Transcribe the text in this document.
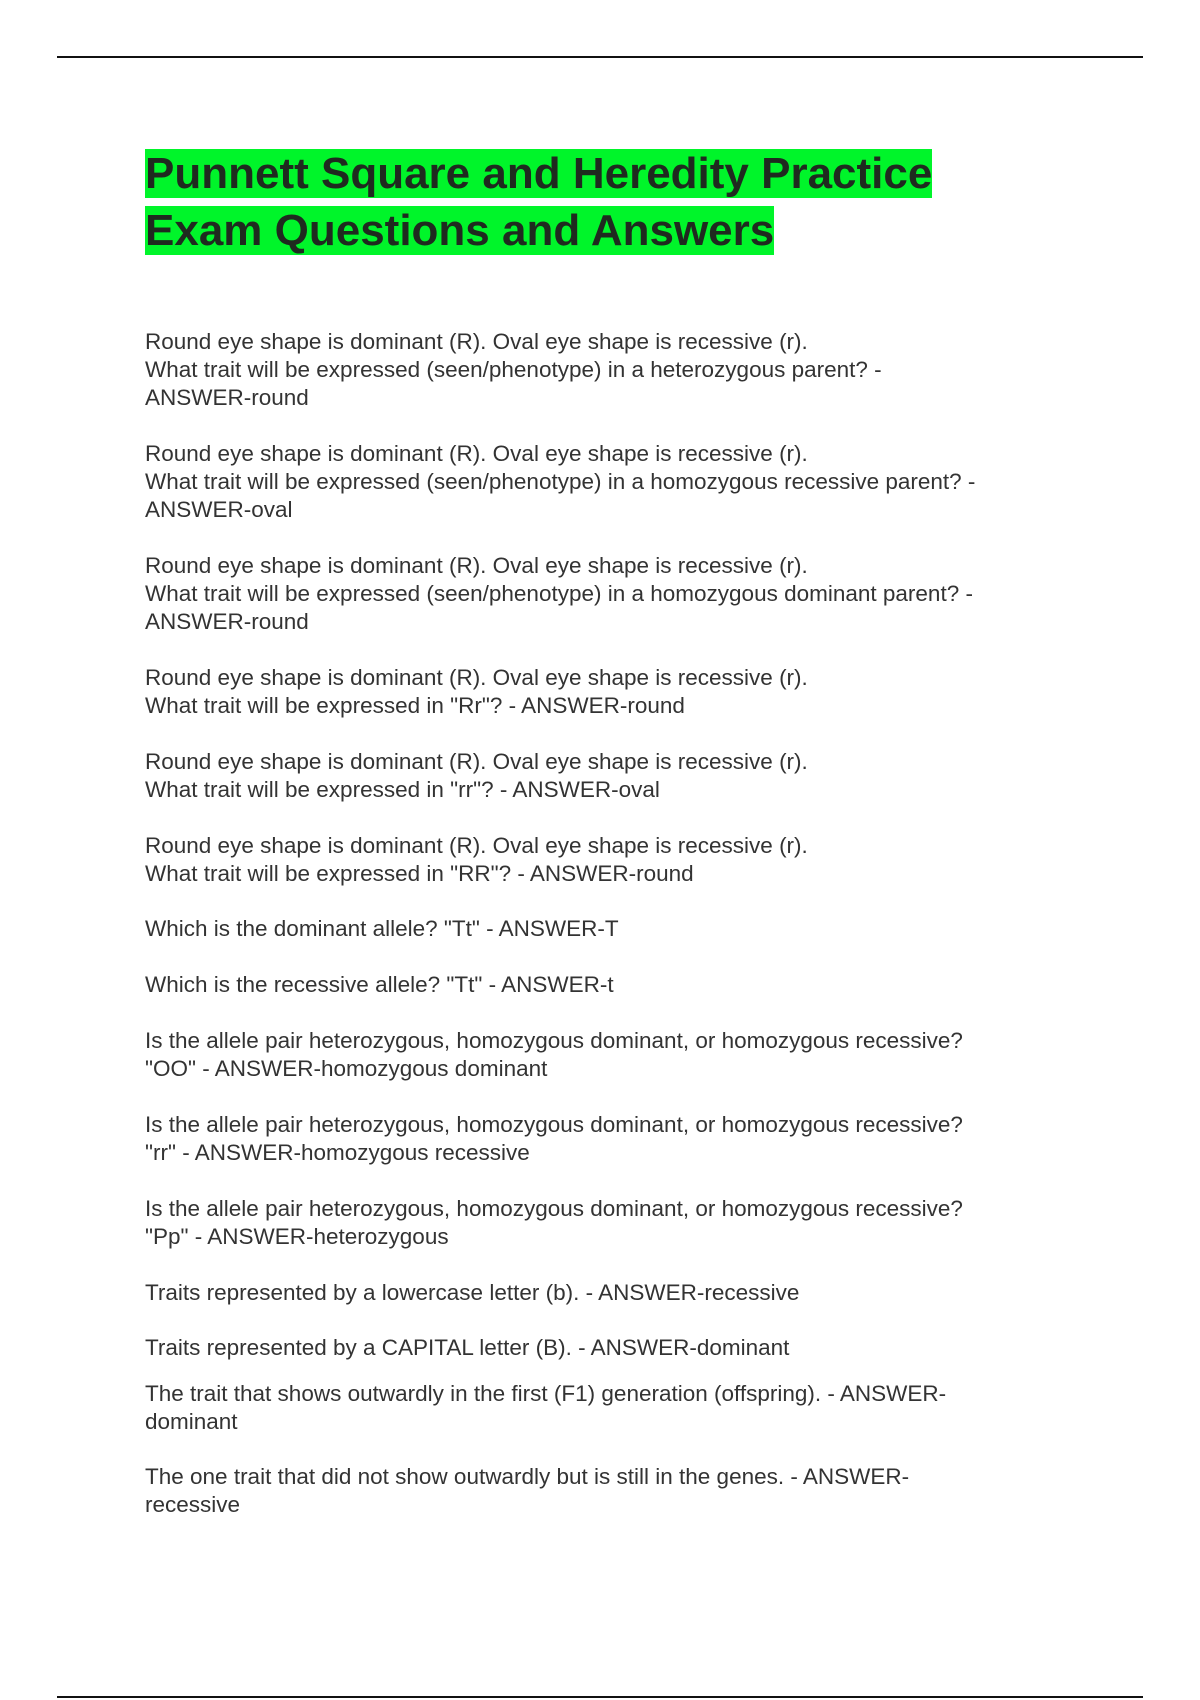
Punnett Square and Heredity Practice
Exam Questions and Answers

Round eye shape is dominant (R). Oval eye shape is recessive (r).
What trait will be expressed (seen/phenotype) in a heterozygous parent? -
ANSWER-round

Round eye shape is dominant (R). Oval eye shape is recessive (r).
What trait will be expressed (seen/phenotype) in a homozygous recessive parent? -
ANSWER-oval

Round eye shape is dominant (R). Oval eye shape is recessive (r).
What trait will be expressed (seen/phenotype) in a homozygous dominant parent? -
ANSWER-round

Round eye shape is dominant (R). Oval eye shape is recessive (r).
What trait will be expressed in "Rr"? - ANSWER-round

Round eye shape is dominant (R). Oval eye shape is recessive (r).
What trait will be expressed in "rr"? - ANSWER-oval

Round eye shape is dominant (R). Oval eye shape is recessive (r).
What trait will be expressed in "RR"? - ANSWER-round

Which is the dominant allele? "Tt" - ANSWER-T

Which is the recessive allele? "Tt" - ANSWER-t

Is the allele pair heterozygous, homozygous dominant, or homozygous recessive?
"OO" - ANSWER-homozygous dominant

Is the allele pair heterozygous, homozygous dominant, or homozygous recessive?
"rr" - ANSWER-homozygous recessive

Is the allele pair heterozygous, homozygous dominant, or homozygous recessive?
"Pp" - ANSWER-heterozygous

Traits represented by a lowercase letter (b). - ANSWER-recessive

Traits represented by a CAPITAL letter (B). - ANSWER-dominant

The trait that shows outwardly in the first (F1) generation (offspring). - ANSWER-
dominant

The one trait that did not show outwardly but is still in the genes. - ANSWER-
recessive
